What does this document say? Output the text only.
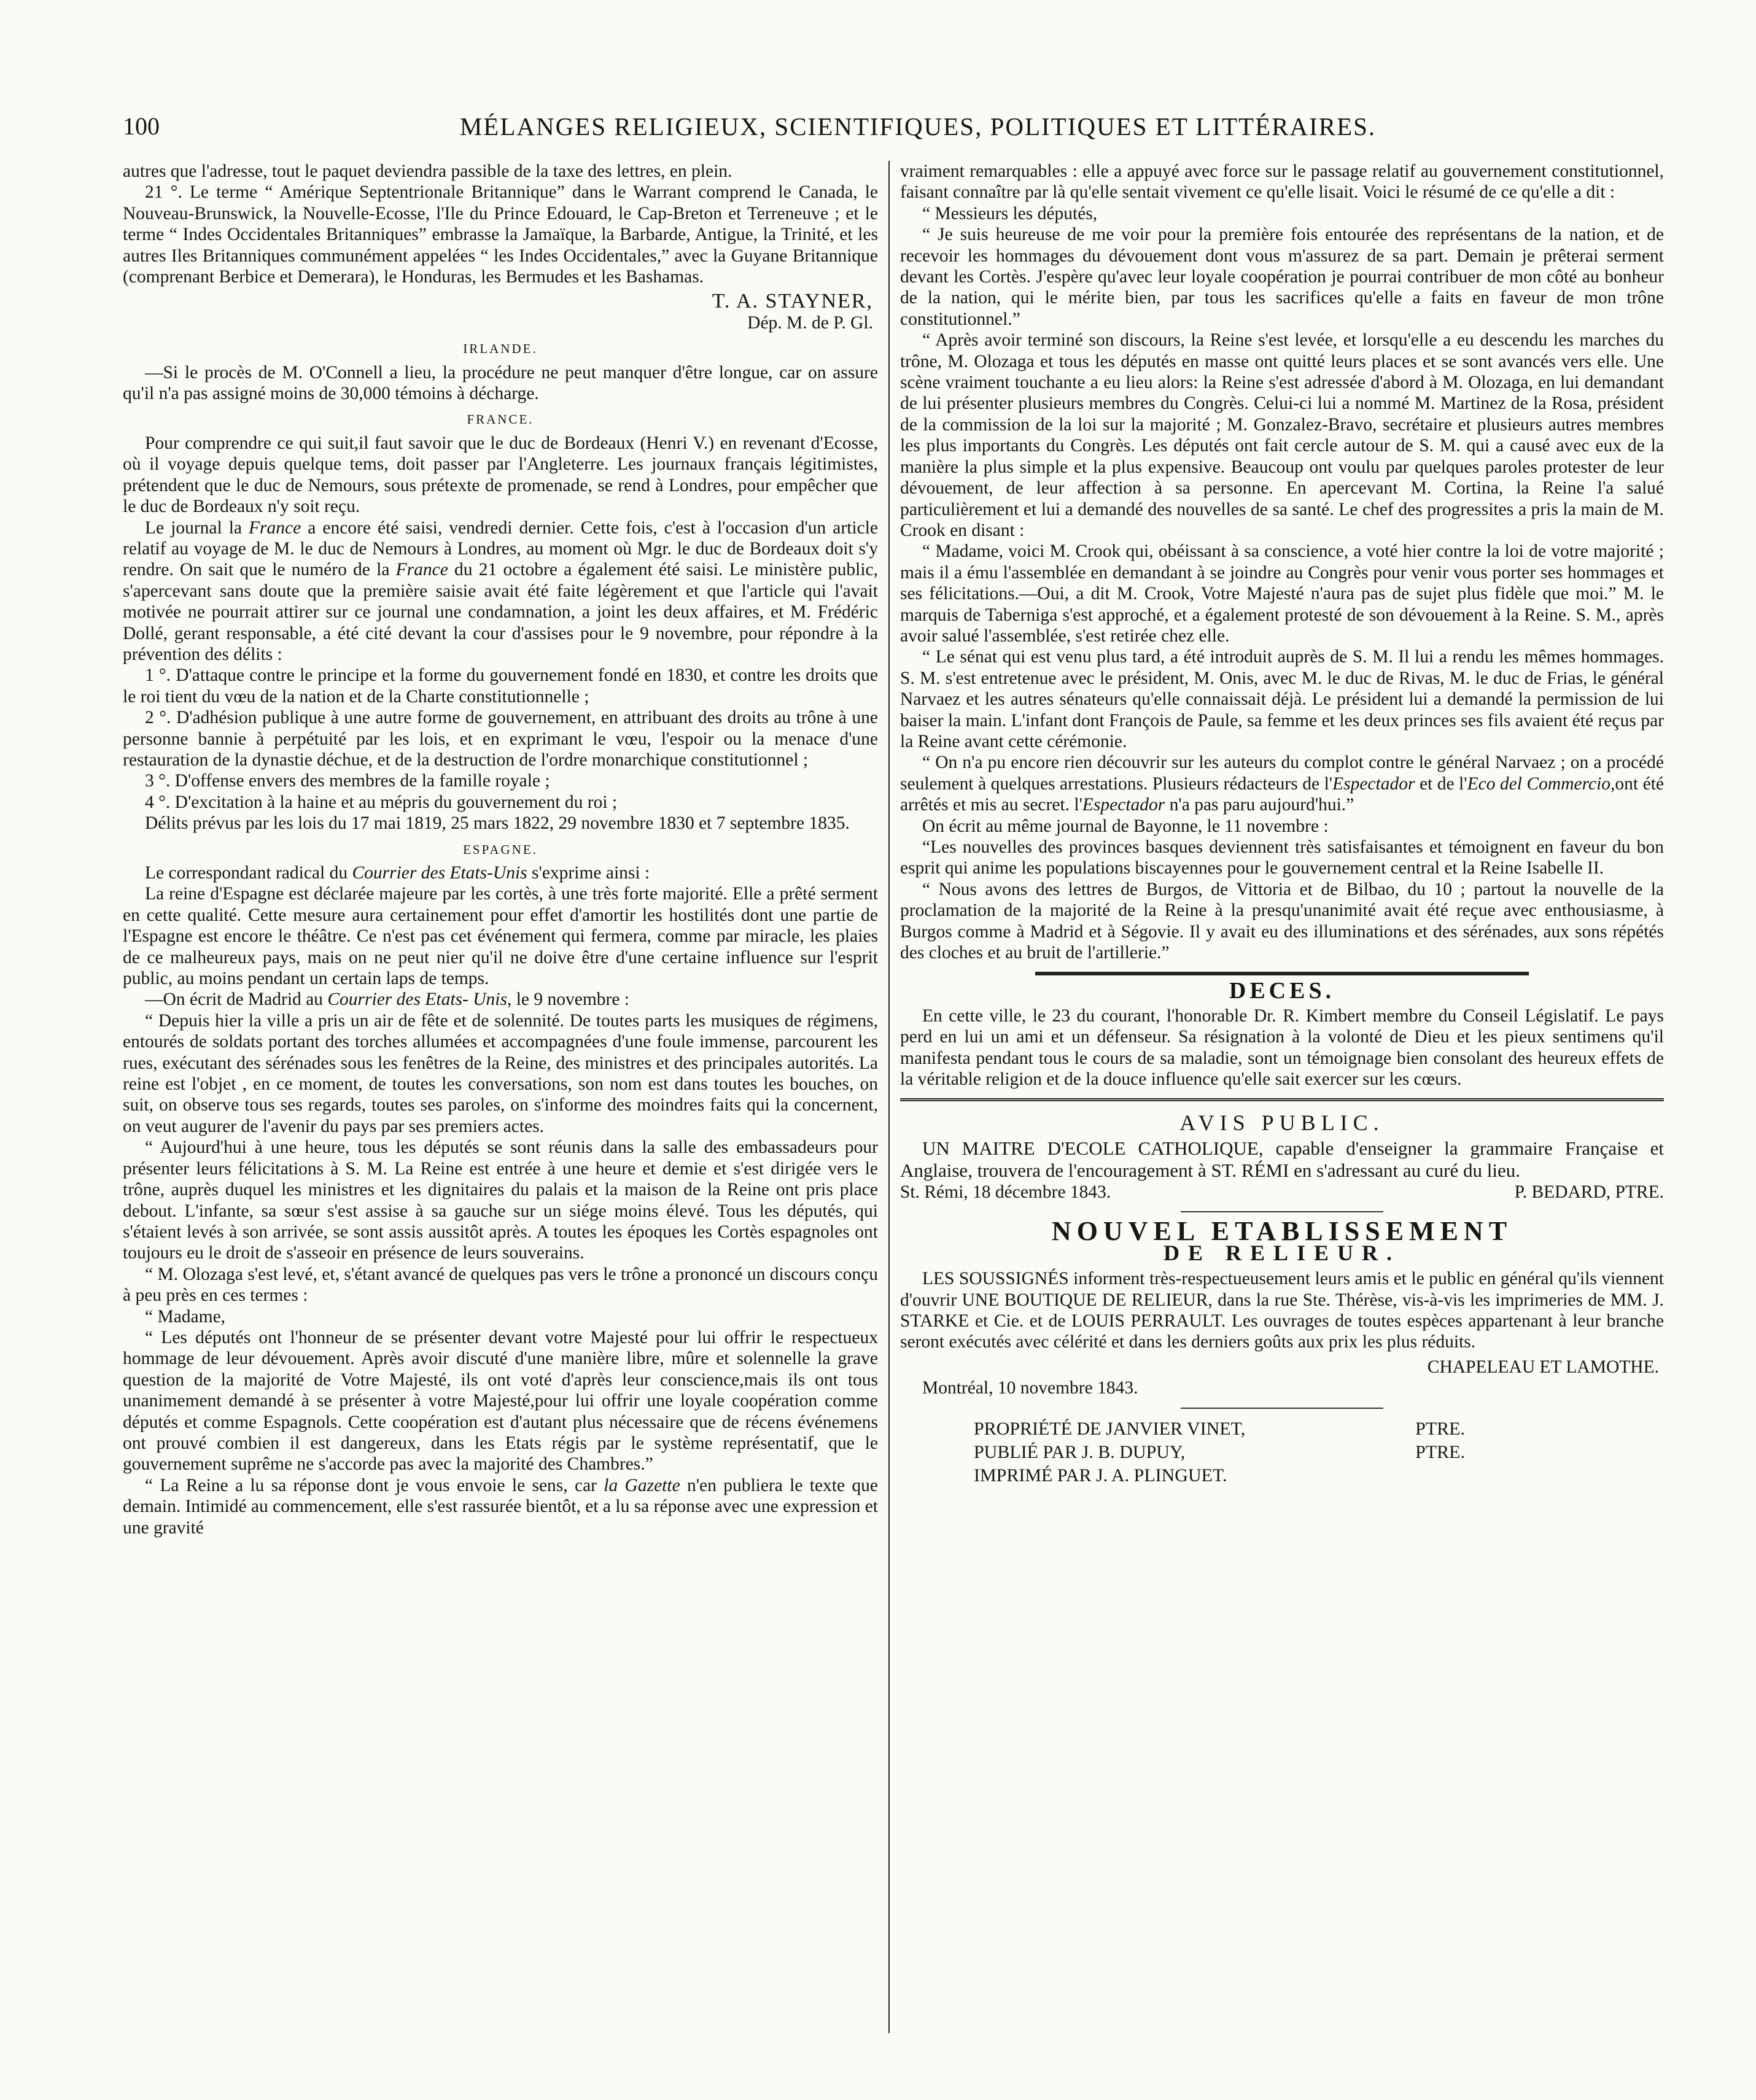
100	MÉLANGES RELIGIEUX, SCIENTIFIQUES, POLITIQUES ET LITTÉRAIRES.

autres que l'adresse, tout le paquet deviendra passible de la taxe des lettres, en plein.

21 °. Le terme “ Amérique Septentrionale Britannique” dans le Warrant comprend le Canada, le Nouveau-Brunswick, la Nouvelle-Ecosse, l'Ile du Prince Edouard, le Cap-Breton et Terreneuve ; et le terme “ Indes Occidentales Britanniques” embrasse la Jamaïque, la Barbarde, Antigue, la Trinité, et les autres Iles Britanniques communément appelées “ les Indes Occidentales,” avec la Guyane Britannique (comprenant Berbice et Demerara), le Honduras, les Bermudes et les Bashamas.

T. A. STAYNER,
Dép. M. de P. Gl.
IRLANDE.

—Si le procès de M. O'Connell a lieu, la procédure ne peut manquer d'être longue, car on assure qu'il n'a pas assigné moins de 30,000 témoins à décharge.

FRANCE.

Pour comprendre ce qui suit,il faut savoir que le duc de Bordeaux (Henri V.) en revenant d'Ecosse, où il voyage depuis quelque tems, doit passer par l'Angleterre. Les journaux français légitimistes, prétendent que le duc de Nemours, sous prétexte de promenade, se rend à Londres, pour empêcher que le duc de Bordeaux n'y soit reçu.

Le journal la France a encore été saisi, vendredi dernier. Cette fois, c'est à l'occasion d'un article relatif au voyage de M. le duc de Nemours à Londres, au moment où Mgr. le duc de Bordeaux doit s'y rendre. On sait que le numéro de la France du 21 octobre a également été saisi. Le ministère public, s'apercevant sans doute que la première saisie avait été faite légèrement et que l'article qui l'avait motivée ne pourrait attirer sur ce journal une condamnation, a joint les deux affaires, et M. Frédéric Dollé, gerant responsable, a été cité devant la cour d'assises pour le 9 novembre, pour répondre à la prévention des délits :

1 °. D'attaque contre le principe et la forme du gouvernement fondé en 1830, et contre les droits que le roi tient du vœu de la nation et de la Charte constitutionnelle ;

2 °. D'adhésion publique à une autre forme de gouvernement, en attribuant des droits au trône à une personne bannie à perpétuité par les lois, et en exprimant le vœu, l'espoir ou la menace d'une restauration de la dynastie déchue, et de la destruction de l'ordre monarchique constitutionnel ;

3 °. D'offense envers des membres de la famille royale ;

4 °. D'excitation à la haine et au mépris du gouvernement du roi ;

Délits prévus par les lois du 17 mai 1819, 25 mars 1822, 29 novembre 1830 et 7 septembre 1835.

ESPAGNE.

Le correspondant radical du Courrier des Etats-Unis s'exprime ainsi :

La reine d'Espagne est déclarée majeure par les cortès, à une très forte majorité. Elle a prêté serment en cette qualité. Cette mesure aura certainement pour effet d'amortir les hostilités dont une partie de l'Espagne est encore le théâtre. Ce n'est pas cet événement qui fermera, comme par miracle, les plaies de ce malheureux pays, mais on ne peut nier qu'il ne doive être d'une certaine influence sur l'esprit public, au moins pendant un certain laps de temps.

—On écrit de Madrid au Courrier des Etats- Unis, le 9 novembre :

“ Depuis hier la ville a pris un air de fête et de solennité. De toutes parts les musiques de régimens, entourés de soldats portant des torches allumées et accompagnées d'une foule immense, parcourent les rues, exécutant des sérénades sous les fenêtres de la Reine, des ministres et des principales autorités. La reine est l'objet , en ce moment, de toutes les conversations, son nom est dans toutes les bouches, on suit, on observe tous ses regards, toutes ses paroles, on s'informe des moindres faits qui la concernent, on veut augurer de l'avenir du pays par ses premiers actes.

“ Aujourd'hui à une heure, tous les députés se sont réunis dans la salle des embassadeurs pour présenter leurs félicitations à S. M. La Reine est entrée à une heure et demie et s'est dirigée vers le trône, auprès duquel les ministres et les dignitaires du palais et la maison de la Reine ont pris place debout. L'infante, sa sœur s'est assise à sa gauche sur un siége moins élevé. Tous les députés, qui s'étaient levés à son arrivée, se sont assis aussitôt après. A toutes les époques les Cortès espagnoles ont toujours eu le droit de s'asseoir en présence de leurs souverains.

“ M. Olozaga s'est levé, et, s'étant avancé de quelques pas vers le trône a prononcé un discours conçu à peu près en ces termes :

“ Madame,

“ Les députés ont l'honneur de se présenter devant votre Majesté pour lui offrir le respectueux hommage de leur dévouement. Après avoir discuté d'une manière libre, mûre et solennelle la grave question de la majorité de Votre Majesté, ils ont voté d'après leur conscience,mais ils ont tous unanimement demandé à se présenter à votre Majesté,pour lui offrir une loyale coopération comme députés et comme Espagnols. Cette coopération est d'autant plus nécessaire que de récens événemens ont prouvé combien il est dangereux, dans les Etats régis par le système représentatif, que le gouvernement suprême ne s'accorde pas avec la majorité des Chambres.”

“ La Reine a lu sa réponse dont je vous envoie le sens, car la Gazette n'en publiera le texte que demain. Intimidé au commencement, elle s'est rassurée bientôt, et a lu sa réponse avec une expression et une gravité

vraiment remarquables : elle a appuyé avec force sur le passage relatif au gouvernement constitutionnel, faisant connaître par là qu'elle sentait vivement ce qu'elle lisait. Voici le résumé de ce qu'elle a dit :

“ Messieurs les députés,

“ Je suis heureuse de me voir pour la première fois entourée des représentans de la nation, et de recevoir les hommages du dévouement dont vous m'assurez de sa part. Demain je prêterai serment devant les Cortès. J'espère qu'avec leur loyale coopération je pourrai contribuer de mon côté au bonheur de la nation, qui le mérite bien, par tous les sacrifices qu'elle a faits en faveur de mon trône constitutionnel.”

“ Après avoir terminé son discours, la Reine s'est levée, et lorsqu'elle a eu descendu les marches du trône, M. Olozaga et tous les députés en masse ont quitté leurs places et se sont avancés vers elle. Une scène vraiment touchante a eu lieu alors: la Reine s'est adressée d'abord à M. Olozaga, en lui demandant de lui présenter plusieurs membres du Congrès. Celui-ci lui a nommé M. Martinez de la Rosa, président de la commission de la loi sur la majorité ; M. Gonzalez-Bravo, secrétaire et plusieurs autres membres les plus importants du Congrès. Les députés ont fait cercle autour de S. M. qui a causé avec eux de la manière la plus simple et la plus expensive. Beaucoup ont voulu par quelques paroles protester de leur dévouement, de leur affection à sa personne. En apercevant M. Cortina, la Reine l'a salué particulièrement et lui a demandé des nouvelles de sa santé. Le chef des progressites a pris la main de M. Crook en disant :

“ Madame, voici M. Crook qui, obéissant à sa conscience, a voté hier contre la loi de votre majorité ; mais il a ému l'assemblée en demandant à se joindre au Congrès pour venir vous porter ses hommages et ses félicitations.—Oui, a dit M. Crook, Votre Majesté n'aura pas de sujet plus fidèle que moi.” M. le marquis de Taberniga s'est approché, et a également protesté de son dévouement à la Reine. S. M., après avoir salué l'assemblée, s'est retirée chez elle.

“ Le sénat qui est venu plus tard, a été introduit auprès de S. M. Il lui a rendu les mêmes hommages. S. M. s'est entretenue avec le président, M. Onis, avec M. le duc de Rivas, M. le duc de Frias, le général Narvaez et les autres sénateurs qu'elle connaissait déjà. Le président lui a demandé la permission de lui baiser la main. L'infant dont François de Paule, sa femme et les deux princes ses fils avaient été reçus par la Reine avant cette cérémonie.

“ On n'a pu encore rien découvrir sur les auteurs du complot contre le général Narvaez ; on a procédé seulement à quelques arrestations. Plusieurs rédacteurs de l'Espectador et de l'Eco del Commercio,ont été arrêtés et mis au secret. l'Espectador n'a pas paru aujourd'hui.”

On écrit au même journal de Bayonne, le 11 novembre :

“Les nouvelles des provinces basques deviennent très satisfaisantes et témoignent en faveur du bon esprit qui anime les populations biscayennes pour le gouvernement central et la Reine Isabelle II.

“ Nous avons des lettres de Burgos, de Vittoria et de Bilbao, du 10 ; partout la nouvelle de la proclamation de la majorité de la Reine à la presqu'unanimité avait été reçue avec enthousiasme, à Burgos comme à Madrid et à Ségovie. Il y avait eu des illuminations et des sérénades, aux sons répétés des cloches et au bruit de l'artillerie.”

DECES.

En cette ville, le 23 du courant, l'honorable Dr. R. Kimbert membre du Conseil Législatif. Le pays perd en lui un ami et un défenseur. Sa résignation à la volonté de Dieu et les pieux sentimens qu'il manifesta pendant tous le cours de sa maladie, sont un témoignage bien consolant des heureux effets de la véritable religion et de la douce influence qu'elle sait exercer sur les cœurs.

AVIS PUBLIC.

UN MAITRE D'ECOLE CATHOLIQUE, capable d'enseigner la grammaire Française et Anglaise, trouvera de l'encouragement à ST. RÉMI en s'adressant au curé du lieu.

St. Rémi, 18 décembre 1843.	P. BEDARD, PTRE.
NOUVEL ETABLISSEMENT
DE RELIEUR.

LES SOUSSIGNÉS informent très-respectueusement leurs amis et le public en général qu'ils viennent d'ouvrir UNE BOUTIQUE DE RELIEUR, dans la rue Ste. Thérèse, vis-à-vis les imprimeries de MM. J. STARKE et Cie. et de LOUIS PERRAULT. Les ouvrages de toutes espèces appartenant à leur branche seront exécutés avec célérité et dans les derniers goûts aux prix les plus réduits.

CHAPELEAU ET LAMOTHE.

Montréal, 10 novembre 1843.

PROPRIÉTÉ DE JANVIER VINET,	PTRE.
PUBLIÉ PAR J. B. DUPUY,	PTRE.
IMPRIMÉ PAR J. A. PLINGUET.
